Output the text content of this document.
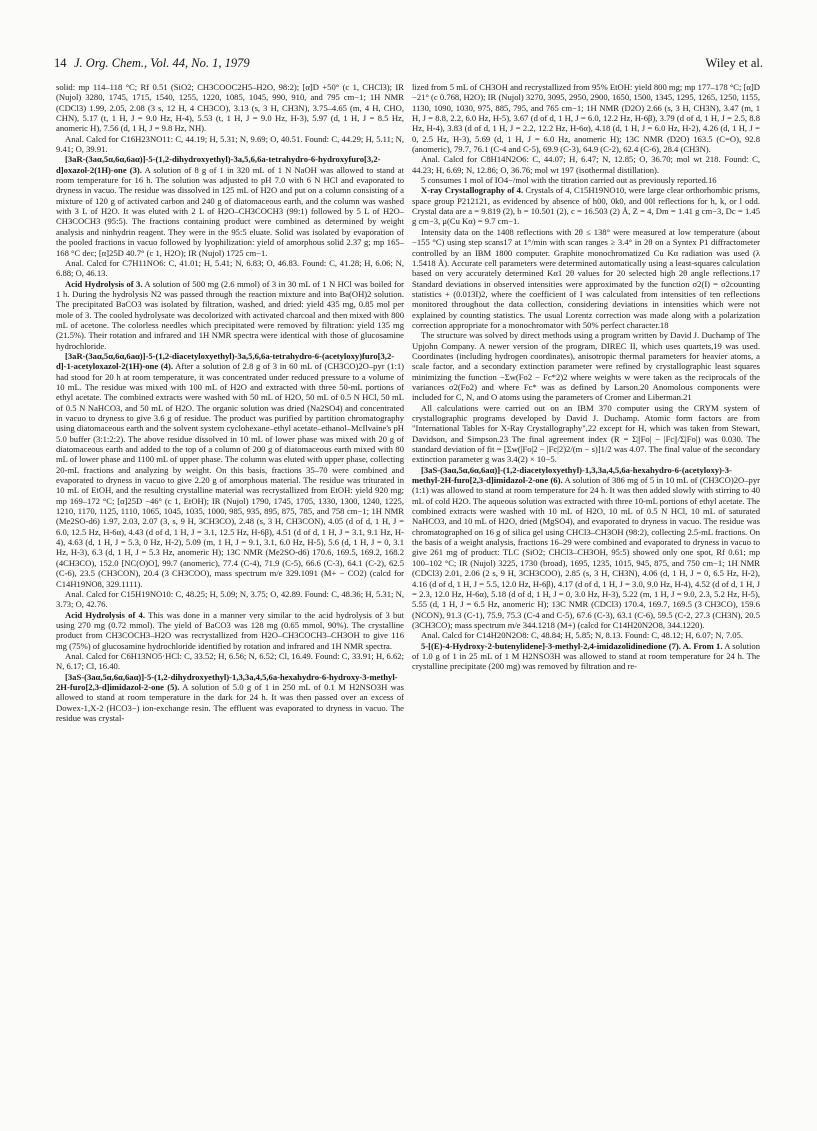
14 J. Org. Chem., Vol. 44, No. 1, 1979	Wiley et al.

solid: mp 114–118 °C; Rf 0.51 (SiO2; CH3COOC2H5–H2O, 98:2); [α]D +50° (c 1, CHCl3); IR (Nujol) 3280, 1745, 1715, 1540, 1255, 1220, 1085, 1045, 990, 910, and 795 cm−1; 1H NMR (CDCl3) 1.99, 2.05, 2.08 (3 s, 12 H, 4 CH3CO), 3.13 (s, 3 H, CH3N), 3.75–4.65 (m, 4 H, CHO, CHN), 5.17 (t, 1 H, J = 9.0 Hz, H-4), 5.53 (t, 1 H, J = 9.0 Hz, H-3), 5.97 (d, 1 H, J = 8.5 Hz, anomeric H), 7.56 (d, 1 H, J = 9.8 Hz, NH).

Anal. Calcd for C16H23NO11: C, 44.19; H, 5.31; N, 9.69; O, 40.51. Found: C, 44.29; H, 5.11; N, 9.41; O, 39.91.

[3aR-(3aα,5α,6α,6aα)]-5-(1,2-dihydroxyethyl)-3a,5,6,6a-tetrahydro-6-hydroxyfuro[3,2-d]oxazol-2(1H)-one (3). A solution of 8 g of 1 in 320 mL of 1 N NaOH was allowed to stand at room temperature for 16 h. The solution was adjusted to pH 7.0 with 6 N HCl and evaporated to dryness in vacuo. The residue was dissolved in 125 mL of H2O and put on a column consisting of a mixture of 120 g of activated carbon and 240 g of diatomaceous earth, and the column was washed with 3 L of H2O. It was eluted with 2 L of H2O–CH3COCH3 (99:1) followed by 5 L of H2O–CH3COCH3 (95:5). The fractions containing product were combined as determined by weight analysis and ninhydrin reagent. They were in the 95:5 eluate. Solid was isolated by evaporation of the pooled fractions in vacuo followed by lyophilization: yield of amorphous solid 2.37 g; mp 165–168 °C dec; [α]25D 40.7° (c 1, H2O); IR (Nujol) 1725 cm−1.

Anal. Calcd for C7H11NO6: C, 41.01; H, 5.41; N, 6.83; O, 46.83. Found: C, 41.28; H, 6.06; N, 6.88; O, 46.13.

Acid Hydrolysis of 3. A solution of 500 mg (2.6 mmol) of 3 in 30 mL of 1 N HCl was boiled for 1 h. During the hydrolysis N2 was passed through the reaction mixture and into Ba(OH)2 solution. The precipitated BaCO3 was isolated by filtration, washed, and dried: yield 435 mg, 0.85 mol per mole of 3. The cooled hydrolysate was decolorized with activated charcoal and then mixed with 800 mL of acetone. The colorless needles which precipitated were removed by filtration: yield 135 mg (21.5%). Their rotation and infrared and 1H NMR spectra were identical with those of glucosamine hydrochloride.

[3aR-(3aα,5α,6α,6aα)]-5-(1,2-diacetyloxyethyl)-3a,5,6,6a-tetrahydro-6-(acetyloxy)furo[3,2-d]-1-acetyloxazol-2(1H)-one (4). After a solution of 2.8 g of 3 in 60 mL of (CH3CO)2O–pyr (1:1) had stood for 20 h at room temperature, it was concentrated under reduced pressure to a volume of 10 mL. The residue was mixed with 100 mL of H2O and extracted with three 50-mL portions of ethyl acetate. The combined extracts were washed with 50 mL of H2O, 50 mL of 0.5 N HCl, 50 mL of 0.5 N NaHCO3, and 50 mL of H2O. The organic solution was dried (Na2SO4) and concentrated in vacuo to dryness to give 3.6 g of residue. The product was purified by partition chromatography using diatomaceous earth and the solvent system cyclohexane–ethyl acetate–ethanol–McIlvaine's pH 5.0 buffer (3:1:2:2). The above residue dissolved in 10 mL of lower phase was mixed with 20 g of diatomaceous earth and added to the top of a column of 200 g of diatomaceous earth mixed with 80 mL of lower phase and 1100 mL of upper phase. The column was eluted with upper phase, collecting 20-mL fractions and analyzing by weight. On this basis, fractions 35–70 were combined and evaporated to dryness in vacuo to give 2.20 g of amorphous material. The residue was triturated in 10 mL of EtOH, and the resulting crystalline material was recrystallized from EtOH: yield 920 mg; mp 169–172 °C; [α]25D −46° (c 1, EtOH); IR (Nujol) 1790, 1745, 1705, 1330, 1300, 1240, 1225, 1210, 1170, 1125, 1110, 1065, 1045, 1035, 1000, 985, 935, 895, 875, 785, and 758 cm−1; 1H NMR (Me2SO-d6) 1.97, 2.03, 2.07 (3, s, 9 H, 3CH3CO), 2.48 (s, 3 H, CH3CON), 4.05 (d of d, 1 H, J = 6.0, 12.5 Hz, H-6α), 4.43 (d of d, 1 H, J = 3.1, 12.5 Hz, H-6β), 4.51 (d of d, 1 H, J = 3.1, 9.1 Hz, H-4), 4.63 (d, 1 H, J = 5.3, 0 Hz, H-2), 5.09 (m, 1 H, J = 9.1, 3.1, 6.0 Hz, H-5), 5.6 (d, 1 H, J = 0, 3.1 Hz, H-3), 6.3 (d, 1 H, J = 5.3 Hz, anomeric H); 13C NMR (Me2SO-d6) 170.6, 169.5, 169.2, 168.2 (4CH3CO), 152.0 [NC(O)O], 99.7 (anomeric), 77.4 (C-4), 71.9 (C-5), 66.6 (C-3), 64.1 (C-2), 62.5 (C-6), 23.5 (CH3CON), 20.4 (3 CH3COO), mass spectrum m/e 329.1091 (M+ − CO2) (calcd for C14H19NO8, 329.1111).

Anal. Calcd for C15H19NO10: C, 48.25; H, 5.09; N, 3.75; O, 42.89. Found: C, 48.36; H, 5.31; N, 3.73; O, 42.76.

Acid Hydrolysis of 4. This was done in a manner very similar to the acid hydrolysis of 3 but using 270 mg (0.72 mmol). The yield of BaCO3 was 128 mg (0.65 mmol, 90%). The crystalline product from CH3COCH3–H2O was recrystallized from H2O–CH3COCH3–CH3OH to give 116 mg (75%) of glucosamine hydrochloride identified by rotation and infrared and 1H NMR spectra.

Anal. Calcd for C6H13NO5·HCl: C, 33.52; H, 6.56; N, 6.52; Cl, 16.49. Found: C, 33.91; H, 6.62; N, 6.17; Cl, 16.40.

[3aS-(3aα,5α,6α,6aα)]-5-(1,2-dihydroxyethyl)-1,3,3a,4,5,6a-hexahydro-6-hydroxy-3-methyl-2H-furo[2,3-d]imidazol-2-one (5). A solution of 5.0 g of 1 in 250 mL of 0.1 M H2NSO3H was allowed to stand at room temperature in the dark for 24 h. It was then passed over an excess of Dowex-1,X-2 (HCO3−) ion-exchange resin. The effluent was evaporated to dryness in vacuo. The residue was crystal-

lized from 5 mL of CH3OH and recrystallized from 95% EtOH: yield 800 mg; mp 177–178 °C; [α]D −21° (c 0.768, H2O); IR (Nujol) 3270, 3095, 2950, 2900, 1650, 1500, 1345, 1295, 1265, 1250, 1155, 1130, 1090, 1030, 975, 885, 795, and 765 cm−1; 1H NMR (D2O) 2.66 (s, 3 H, CH3N), 3.47 (m, 1 H, J = 8.8, 2.2, 6.0 Hz, H-5), 3.67 (d of d, 1 H, J = 6.0, 12.2 Hz, H-6β), 3.79 (d of d, 1 H, J = 2.5, 8.8 Hz, H-4), 3.83 (d of d, 1 H, J = 2.2, 12.2 Hz, H-6α), 4.18 (d, 1 H, J = 6.0 Hz, H-2), 4.26 (d, 1 H, J = 0, 2.5 Hz, H-3), 5.69 (d, 1 H, J = 6.0 Hz, anomeric H); 13C NMR (D2O) 163.5 (C=O), 92.8 (anomeric), 79.7, 76.1 (C-4 and C-5), 69.9 (C-3), 64.9 (C-2), 62.4 (C-6), 28.4 (CH3N).

Anal. Calcd for C8H14N2O6: C, 44.07; H, 6.47; N, 12.85; O, 36.70; mol wt 218. Found: C, 44.23; H, 6.69; N, 12.86; O, 36.76; mol wt 197 (isothermal distillation).

5 consumes 1 mol of IO4−/mol with the titration carried out as previously reported.16

X-ray Crystallography of 4. Crystals of 4, C15H19NO10, were large clear orthorhombic prisms, space group P212121, as evidenced by absence of h00, 0k0, and 00l reflections for h, k, or l odd. Crystal data are a = 9.819 (2), b = 10.501 (2), c = 16.503 (2) Å, Z = 4, Dm = 1.41 g cm−3, Dc = 1.45 g cm−3, μ(Cu Kα) = 9.7 cm−1.

Intensity data on the 1408 reflections with 2θ ≤ 138° were measured at low temperature (about −155 °C) using step scans17 at 1°/min with scan ranges ≥ 3.4° in 2θ on a Syntex P1 diffractometer controlled by an IBM 1800 computer. Graphite monochromatized Cu Kα radiation was used (λ 1.5418 Å). Accurate cell parameters were determined automatically using a least-squares calculation based on very accurately determined Kα1 2θ values for 20 selected high 2θ angle reflections.17 Standard deviations in observed intensities were approximated by the function σ2(I) = σ2counting statistics + (0.013I)2, where the coefficient of I was calculated from intensities of ten reflections monitored throughout the data collection, considering deviations in intensities which were not explained by counting statistics. The usual Lorentz correction was made along with a polarization correction appropriate for a monochromator with 50% perfect character.18

The structure was solved by direct methods using a program written by David J. Duchamp of The Upjohn Company. A newer version of the program, DIREC II, which uses quartets,19 was used. Coordinates (including hydrogen coordinates), anisotropic thermal parameters for heavier atoms, a scale factor, and a secondary extinction parameter were refined by crystallographic least squares minimizing the function −Σw(Fo2 − Fc*2)2 where weights w were taken as the reciprocals of the variances σ2(Fo2) and where Fc* was as defined by Larson.20 Anomolous components were included for C, N, and O atoms using the parameters of Cromer and Liberman.21

All calculations were carried out on an IBM 370 computer using the CRYM system of crystallographic programs developed by David J. Duchamp. Atomic form factors are from "International Tables for X-Ray Crystallography",22 except for H, which was taken from Stewart, Davidson, and Simpson.23 The final agreement index (R = Σ||Fo| − |Fc||/Σ|Fo|) was 0.030. The standard deviation of fit = [Σw(|Fo|2 − |Fc|2)2/(m − s)]1/2 was 4.07. The final value of the secondary extinction parameter g was 3.4(2) × 10−5.

[3aS-(3aα,5α,6α,6aα)]-(1,2-diacetyloxyethyl)-1,3,3a,4,5,6a-hexahydro-6-(acetyloxy)-3-methyl-2H-furo[2,3-d]imidazol-2-one (6). A solution of 386 mg of 5 in 10 mL of (CH3CO)2O–pyr (1:1) was allowed to stand at room temperature for 24 h. It was then added slowly with stirring to 40 mL of cold H2O. The aqueous solution was extracted with three 10-mL portions of ethyl acetate. The combined extracts were washed with 10 mL of H2O, 10 mL of 0.5 N HCl, 10 mL of saturated NaHCO3, and 10 mL of H2O, dried (MgSO4), and evaporated to dryness in vacuo. The residue was chromatographed on 16 g of silica gel using CHCl3–CH3OH (98:2), collecting 2.5-mL fractions. On the basis of a weight analysis, fractions 16–29 were combined and evaporated to dryness in vacuo to give 261 mg of product: TLC (SiO2; CHCl3–CH3OH, 95:5) showed only one spot, Rf 0.61; mp 100–102 °C; IR (Nujol) 3225, 1730 (broad), 1695, 1235, 1015, 945, 875, and 750 cm−1; 1H NMR (CDCl3) 2.01, 2.06 (2 s, 9 H, 3CH3COO), 2.85 (s, 3 H, CH3N), 4.06 (d, 1 H, J = 0, 6.5 Hz, H-2), 4.16 (d of d, 1 H, J = 5.5, 12.0 Hz, H-6β), 4.17 (d of d, 1 H, J = 3.0, 9.0 Hz, H-4), 4.52 (d of d, 1 H, J = 2.3, 12.0 Hz, H-6α), 5.18 (d of d, 1 H, J = 0, 3.0 Hz, H-3), 5.22 (m, 1 H, J = 9.0, 2.3, 5.2 Hz, H-5), 5.55 (d, 1 H, J = 6.5 Hz, anomeric H); 13C NMR (CDCl3) 170.4, 169.7, 169.5 (3 CH3CO), 159.6 (NCON), 91.3 (C-1), 75.9, 75.3 (C-4 and C-5), 67.6 (C-3), 63.1 (C-6), 59.5 (C-2, 27.3 (CH3N), 20.5 (3CH3CO); mass spectrum m/e 344.1218 (M+) (calcd for C14H20N2O8, 344.1220).

Anal. Calcd for C14H20N2O8: C, 48.84; H, 5.85; N, 8.13. Found: C, 48.12; H, 6.07; N, 7.05.

5-[(E)-4-Hydroxy-2-butenylidene]-3-methyl-2,4-imidazolidinedione (7). A. From 1. A solution of 1.0 g of 1 in 25 mL of 1 M H2NSO3H was allowed to stand at room temperature for 24 h. The crystalline precipitate (200 mg) was removed by filtration and re-
